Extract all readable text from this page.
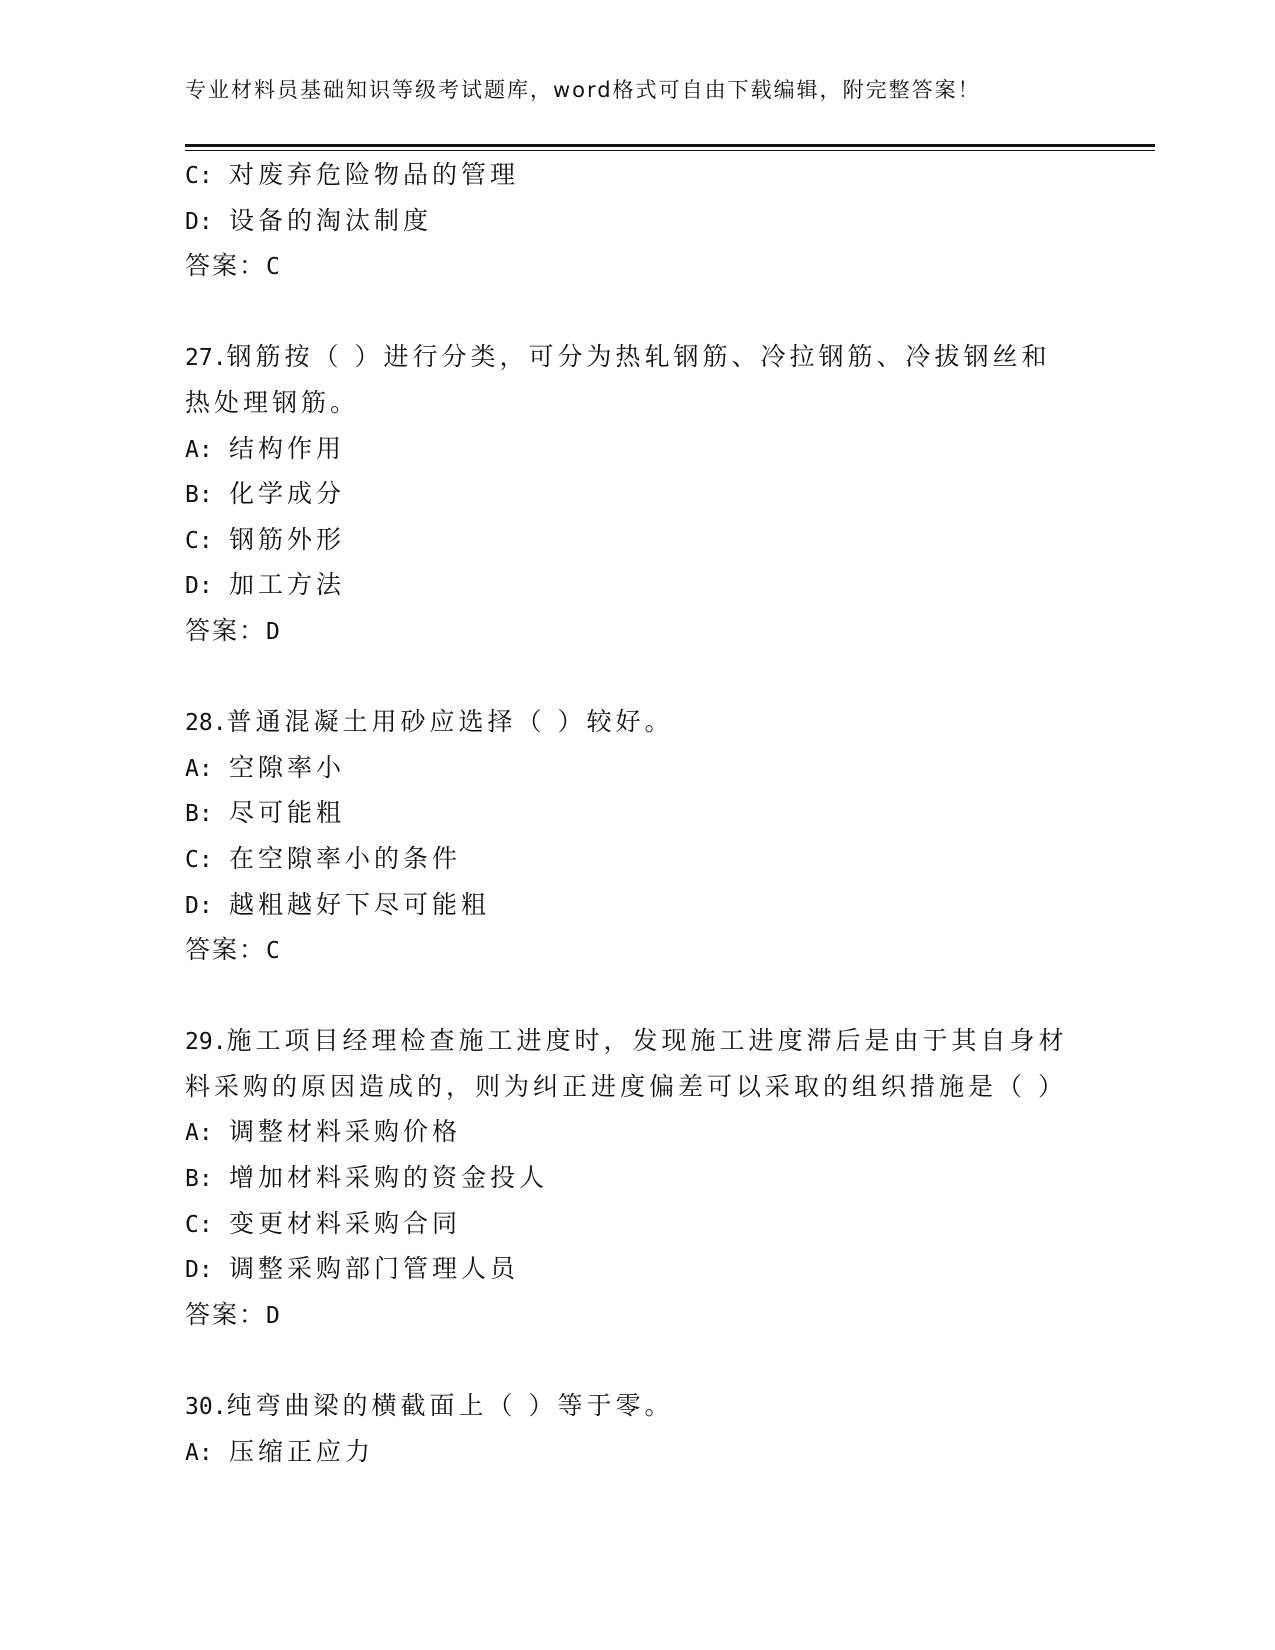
专业材料员基础知识等级考试题库，word格式可自由下载编辑，附完整答案！
C: 对废弃危险物品的管理
D: 设备的淘汰制度
答案：C
27.钢筋按（ ）进行分类，可分为热轧钢筋、冷拉钢筋、冷拔钢丝和
热处理钢筋。
A: 结构作用
B: 化学成分
C: 钢筋外形
D: 加工方法
答案：D
28.普通混凝土用砂应选择（ ）较好。
A: 空隙率小
B: 尽可能粗
C: 在空隙率小的条件
D: 越粗越好下尽可能粗
答案：C
29.施工项目经理检查施工进度时，发现施工进度滞后是由于其自身材
料采购的原因造成的，则为纠正进度偏差可以采取的组织措施是（ ）
A: 调整材料采购价格
B: 增加材料采购的资金投人
C: 变更材料采购合同
D: 调整采购部门管理人员
答案：D
30.纯弯曲梁的横截面上（ ）等于零。
A: 压缩正应力
